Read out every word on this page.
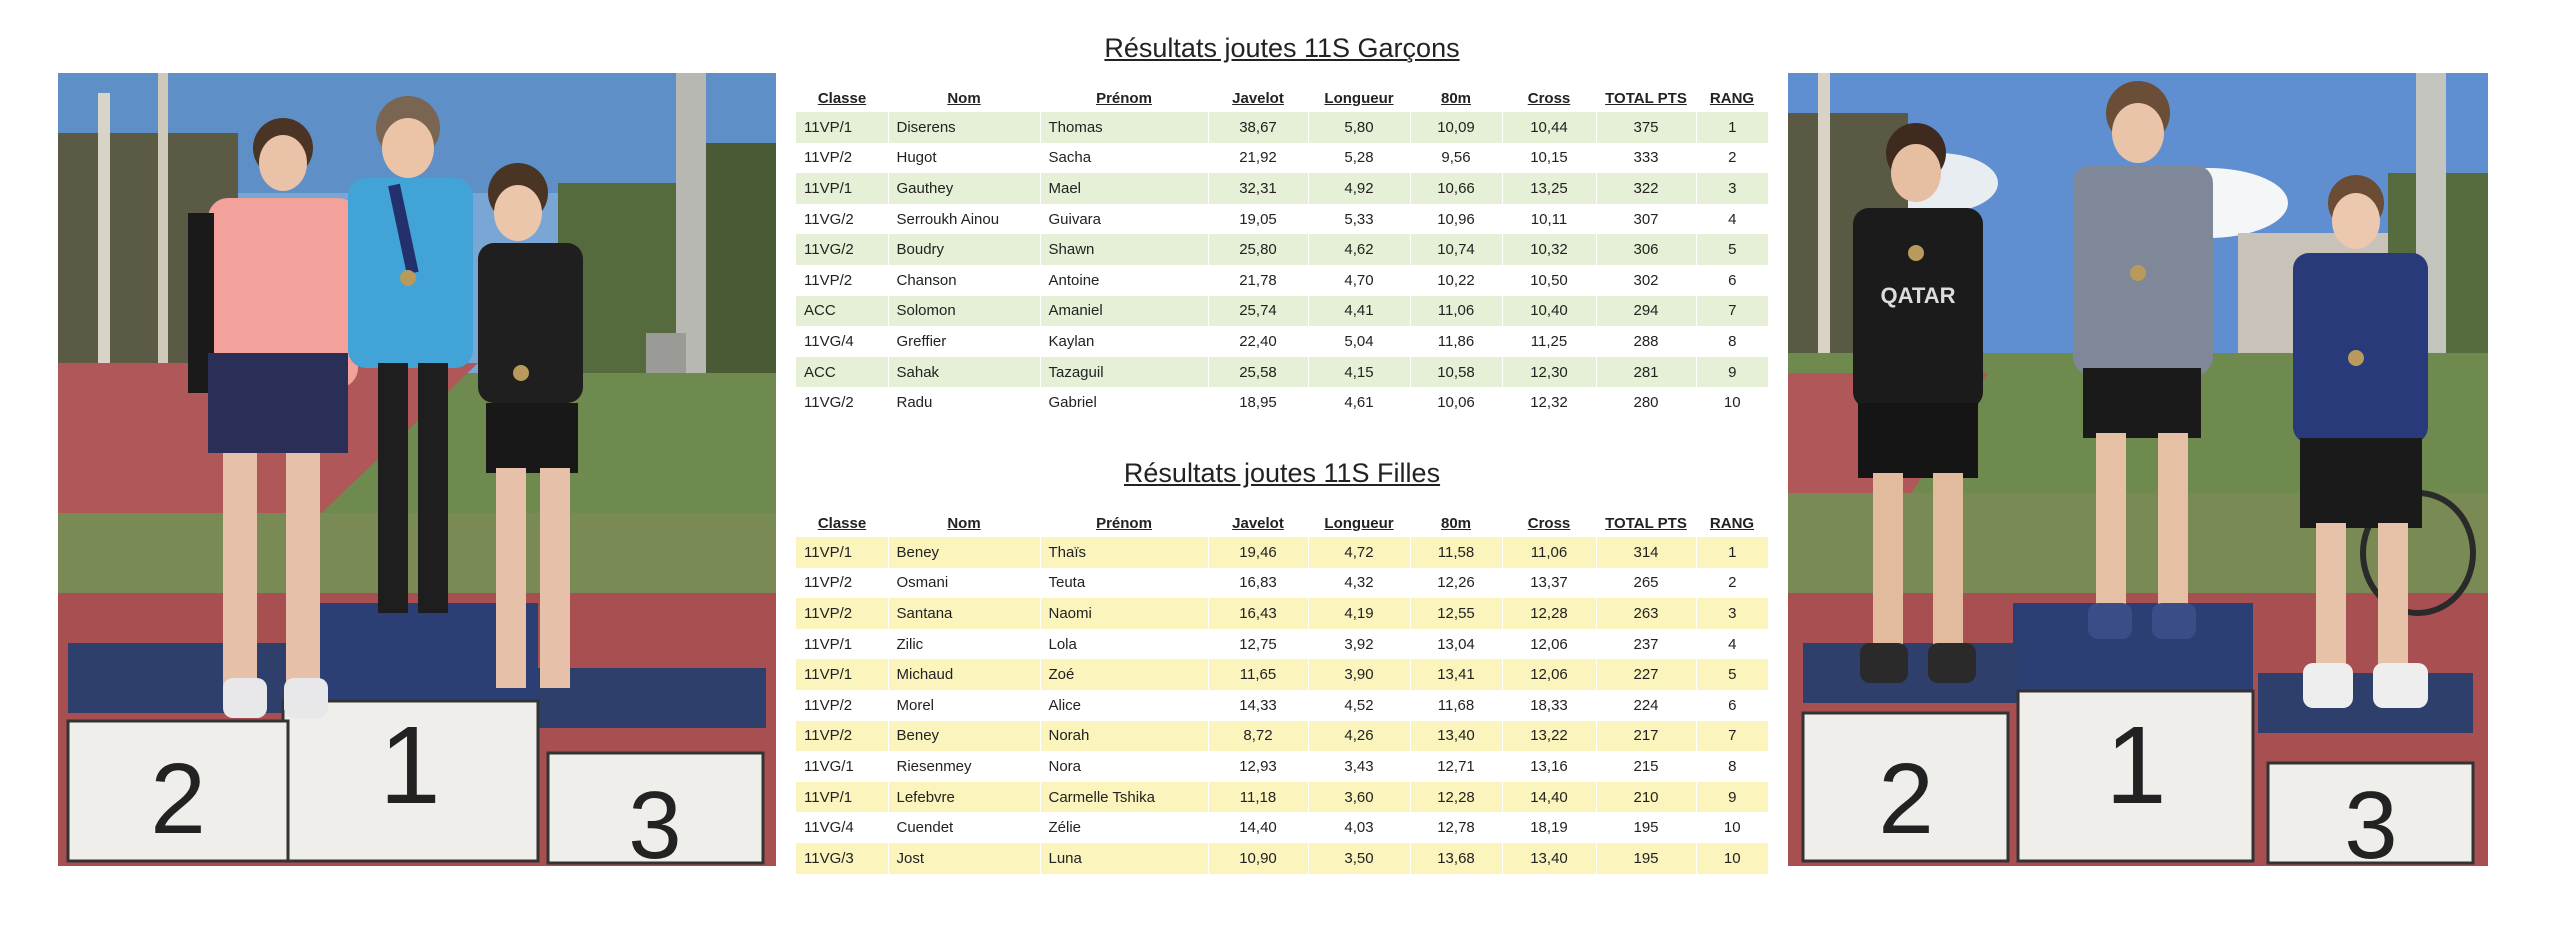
2 1 3
Résultats joutes 11S Garçons
Classe	Nom	Prénom	Javelot	Longueur	80m	Cross	TOTAL PTS	RANG
11VP/1	Diserens	Thomas	38,67	5,80	10,09	10,44	375	1
11VP/2	Hugot	Sacha	21,92	5,28	9,56	10,15	333	2
11VP/1	Gauthey	Mael	32,31	4,92	10,66	13,25	322	3
11VG/2	Serroukh Ainou	Guivara	19,05	5,33	10,96	10,11	307	4
11VG/2	Boudry	Shawn	25,80	4,62	10,74	10,32	306	5
11VP/2	Chanson	Antoine	21,78	4,70	10,22	10,50	302	6
ACC	Solomon	Amaniel	25,74	4,41	11,06	10,40	294	7
11VG/4	Greffier	Kaylan	22,40	5,04	11,86	11,25	288	8
ACC	Sahak	Tazaguil	25,58	4,15	10,58	12,30	281	9
11VG/2	Radu	Gabriel	18,95	4,61	10,06	12,32	280	10
Résultats joutes 11S Filles
Classe	Nom	Prénom	Javelot	Longueur	80m	Cross	TOTAL PTS	RANG
11VP/1	Beney	Thaïs	19,46	4,72	11,58	11,06	314	1
11VP/2	Osmani	Teuta	16,83	4,32	12,26	13,37	265	2
11VP/2	Santana	Naomi	16,43	4,19	12,55	12,28	263	3
11VP/1	Zilic	Lola	12,75	3,92	13,04	12,06	237	4
11VP/1	Michaud	Zoé	11,65	3,90	13,41	12,06	227	5
11VP/2	Morel	Alice	14,33	4,52	11,68	18,33	224	6
11VP/2	Beney	Norah	8,72	4,26	13,40	13,22	217	7
11VG/1	Riesenmey	Nora	12,93	3,43	12,71	13,16	215	8
11VP/1	Lefebvre	Carmelle Tshika	11,18	3,60	12,28	14,40	210	9
11VG/4	Cuendet	Zélie	14,40	4,03	12,78	18,19	195	10
11VG/3	Jost	Luna	10,90	3,50	13,68	13,40	195	10
2 1 3
QATAR
